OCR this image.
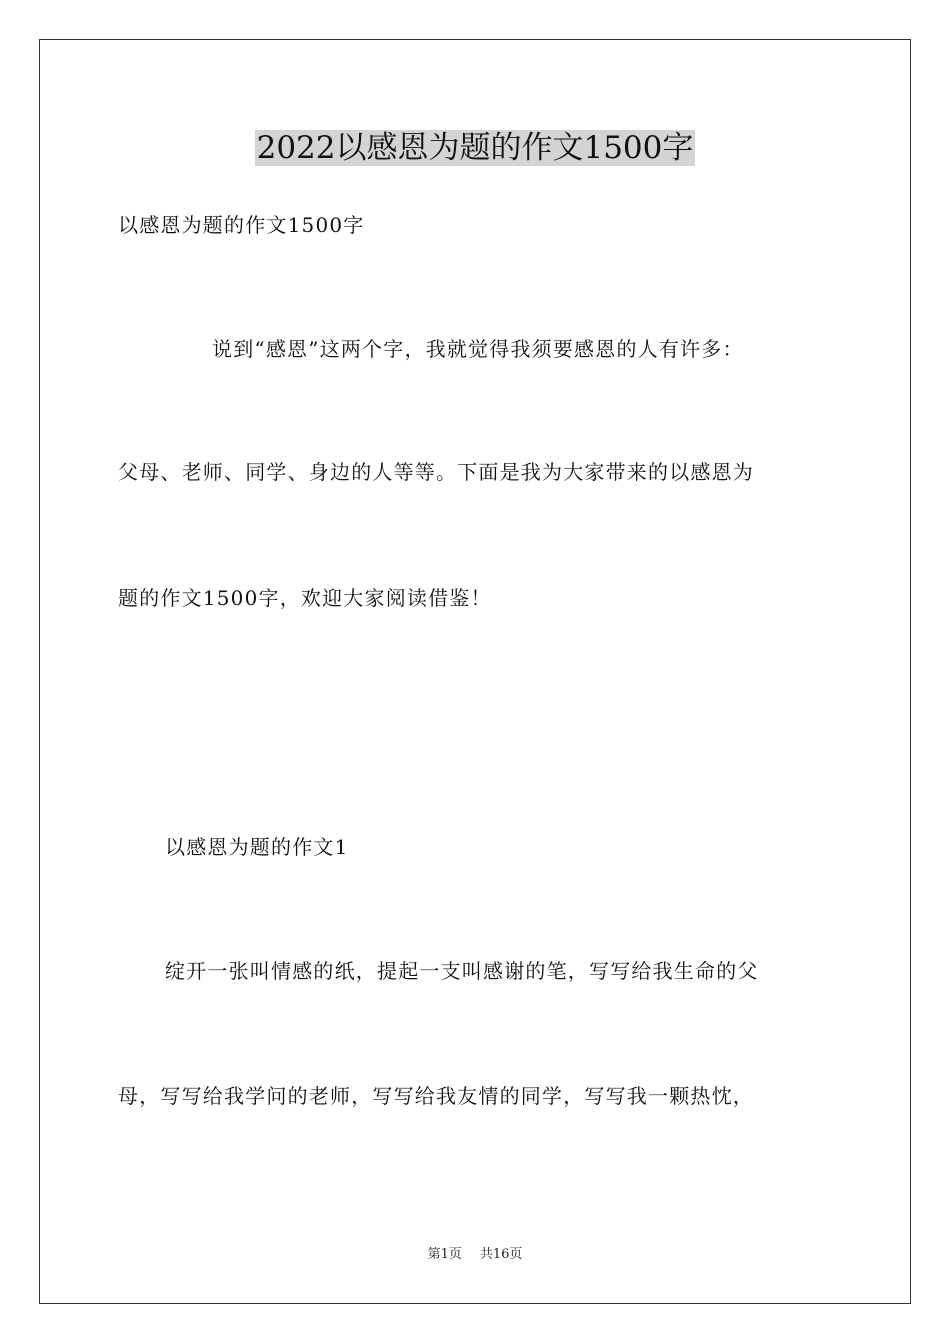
2022以感恩为题的作文1500字
以感恩为题的作文1500字
说到“感恩”这两个字，我就觉得我须要感恩的人有许多：
父母、老师、同学、身边的人等等。下面是我为大家带来的以感恩为
题的作文1500字，欢迎大家阅读借鉴！
以感恩为题的作文1
绽开一张叫情感的纸，提起一支叫感谢的笔，写写给我生命的父
母，写写给我学问的老师，写写给我友情的同学，写写我一颗热忱，
第1页 共16页
